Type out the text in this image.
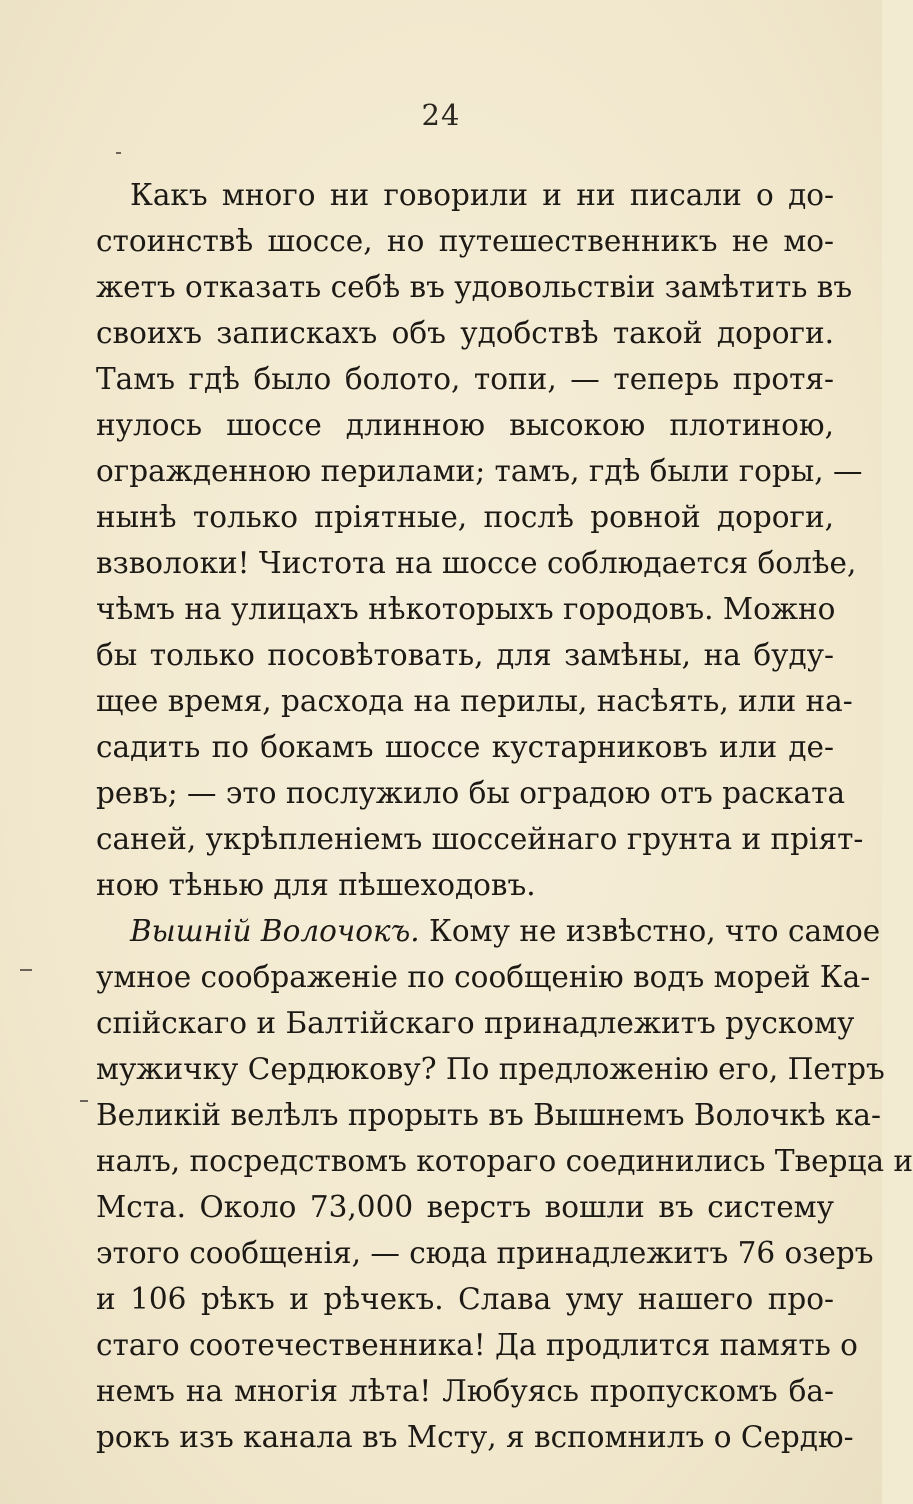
24
Какъ много ни говорили и ни писали о до-
стоинствѣ шоссе, но путешественникъ не мо-
жетъ отказать себѣ въ удовольствіи замѣтить въ
своихъ запискахъ объ удобствѣ такой дороги.
Тамъ гдѣ было болото, топи, — теперь протя-
нулось шоссе длинною высокою плотиною,
огражденною перилами; тамъ, гдѣ были горы, —
нынѣ только пріятные, послѣ ровной дороги,
взволоки! Чистота на шоссе соблюдается болѣе,
чѣмъ на улицахъ нѣкоторыхъ городовъ. Можно
бы только посовѣтовать, для замѣны, на буду-
щее время, расхода на перилы, насѣять, или на-
садить по бокамъ шоссе кустарниковъ или де-
ревъ; — это послужило бы оградою отъ раската
саней, укрѣпленіемъ шоссейнаго грунта и пріят-
ною тѣнью для пѣшеходовъ.
Вышній Волочокъ. Кому не извѣстно, что самое
умное соображеніе по сообщенію водъ морей Ка-
спійскаго и Балтійскаго принадлежитъ рускому
мужичку Сердюкову? По предложенію его, Петръ
Великій велѣлъ прорыть въ Вышнемъ Волочкѣ ка-
налъ, посредствомъ котораго соединились Тверца и
Мста. Около 73,000 верстъ вошли въ систему
этого сообщенія, — сюда принадлежитъ 76 озеръ
и 106 рѣкъ и рѣчекъ. Слава уму нашего про-
стаго соотечественника! Да продлится память о
немъ на многія лѣта! Любуясь пропускомъ ба-
рокъ изъ канала въ Мсту, я вспомнилъ о Сердю-
